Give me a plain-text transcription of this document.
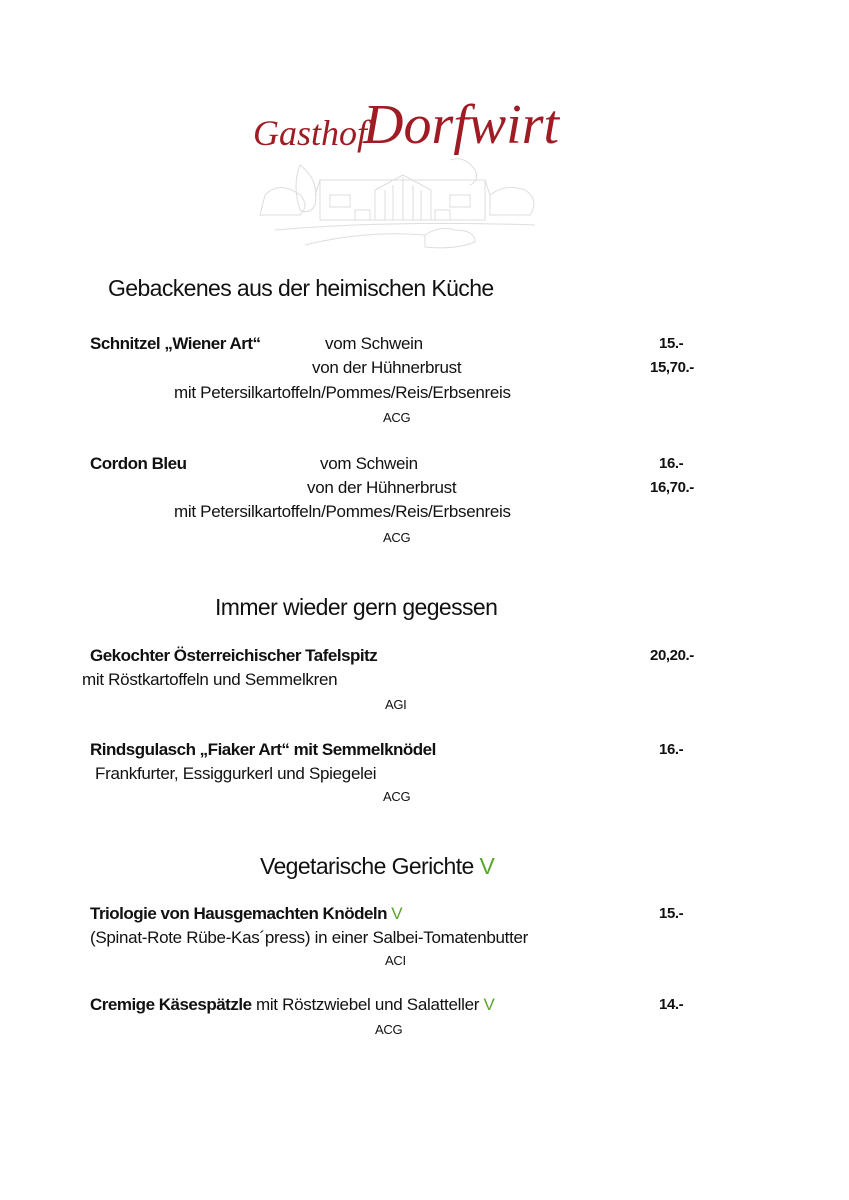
Gasthof
Dorfwirt
Gebackenes aus der heimischen Küche
Schnitzel „Wiener Art“	vom Schwein	15.-
von der Hühnerbrust	15,70.-
mit Petersilkartoffeln/Pommes/Reis/Erbsenreis
ACG
Cordon Bleu	vom Schwein	16.-
von der Hühnerbrust	16,70.-
mit Petersilkartoffeln/Pommes/Reis/Erbsenreis
ACG
Immer wieder gern gegessen
Gekochter Österreichischer Tafelspitz	20,20.-
mit Röstkartoffeln und Semmelkren
AGI
Rindsgulasch „Fiaker Art“ mit Semmelknödel	16.-
Frankfurter, Essiggurkerl und Spiegelei
ACG
Vegetarische Gerichte V
Triologie von Hausgemachten Knödeln V	15.-
(Spinat-Rote Rübe-Kas´press) in einer Salbei-Tomatenbutter
ACI
Cremige Käsespätzle mit Röstzwiebel und Salatteller V	14.-
ACG
